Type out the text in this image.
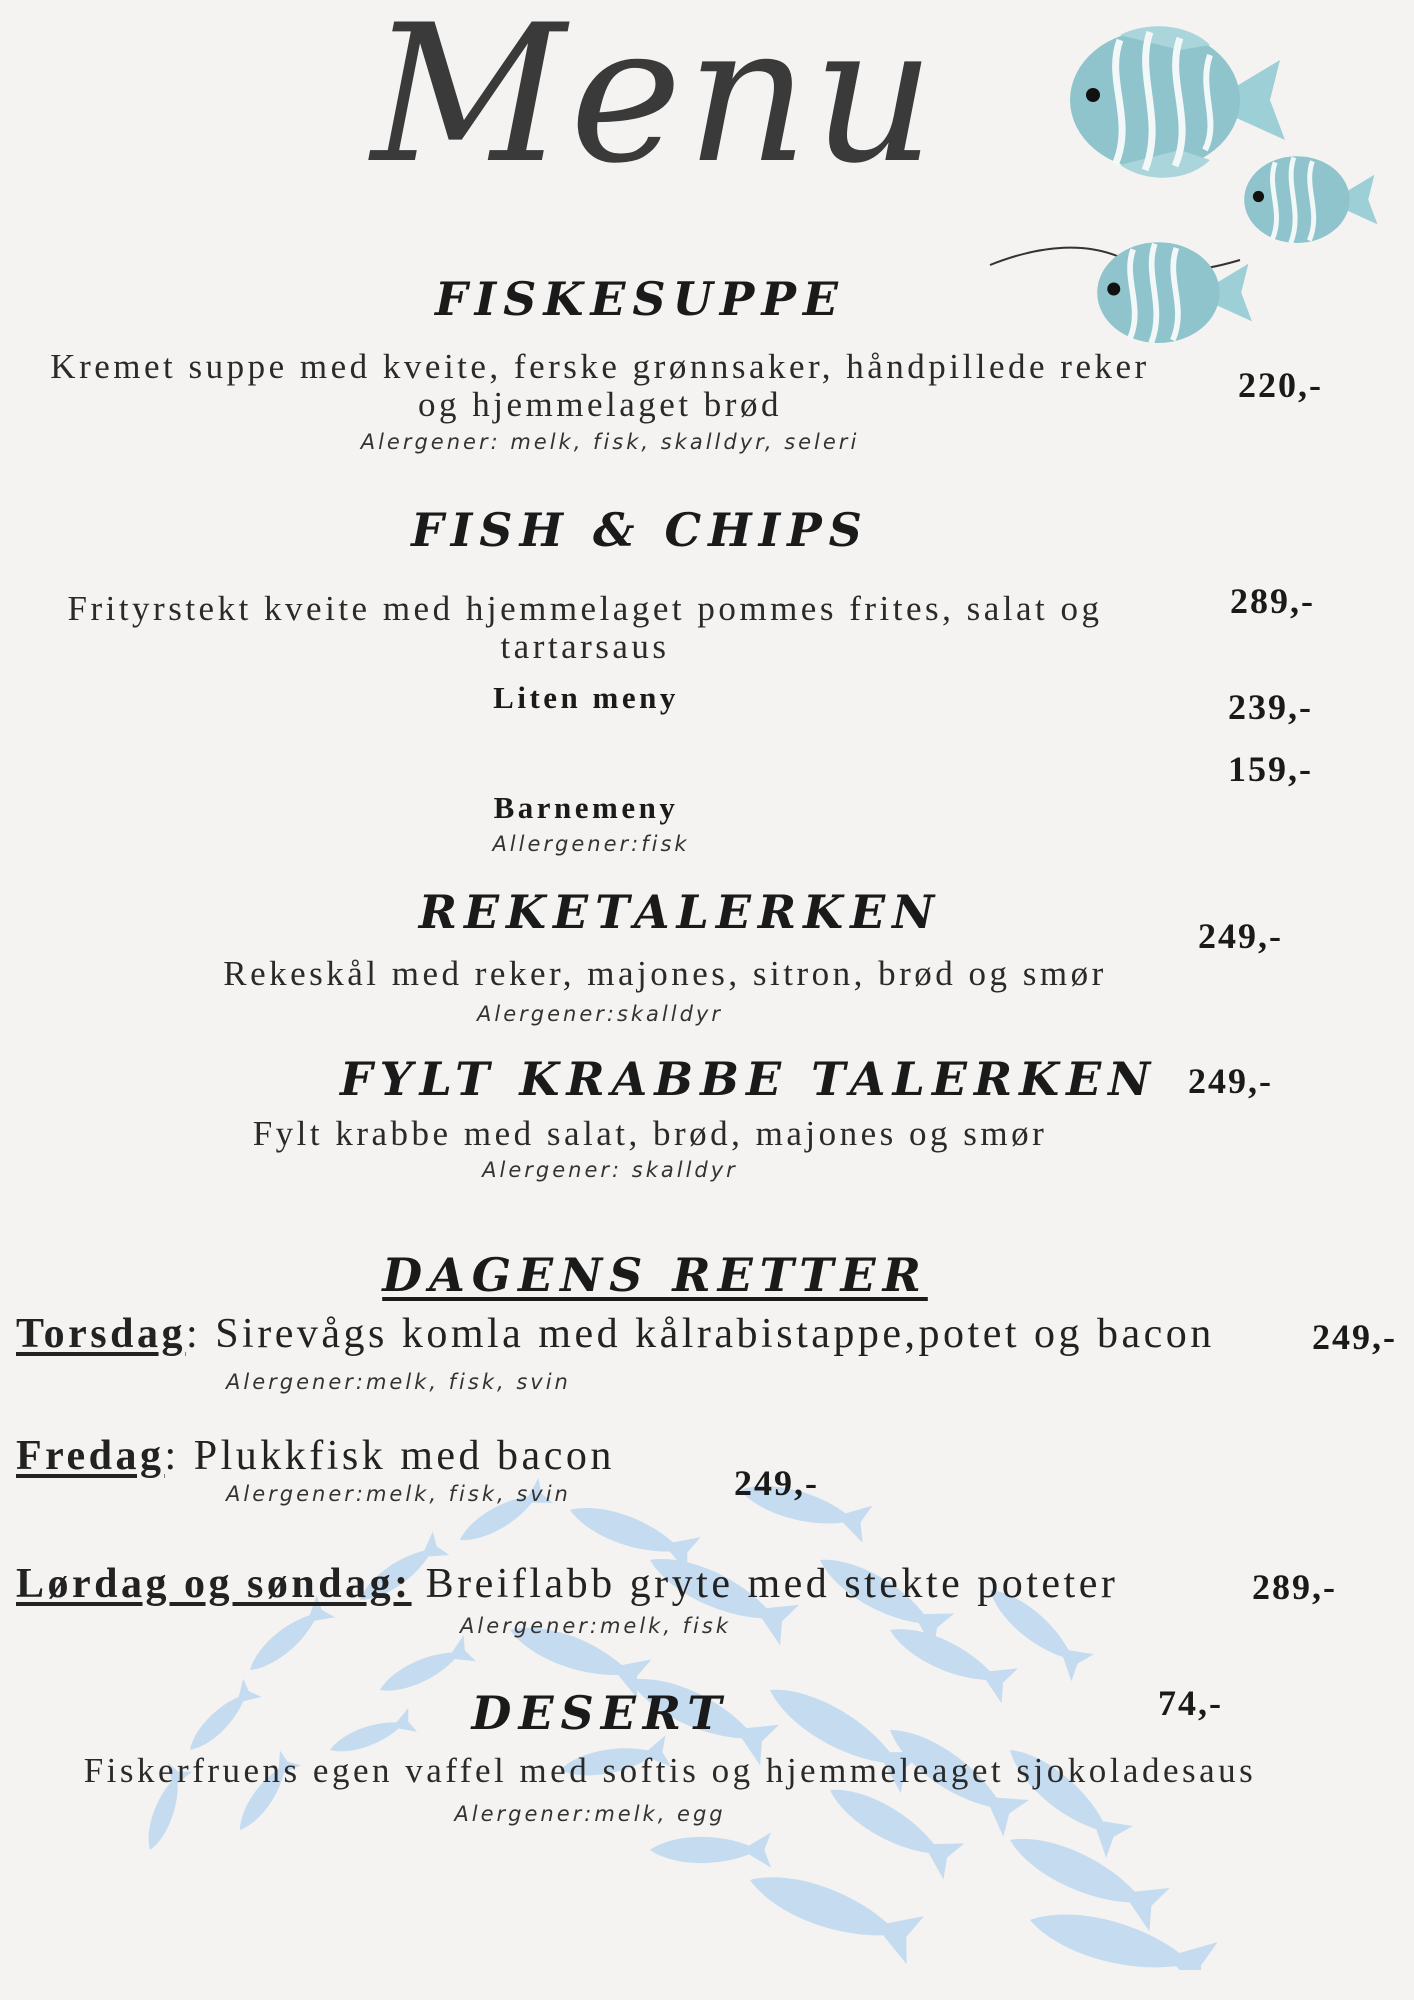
Menu
FISKESUPPE
Kremet suppe med kveite, ferske grønnsaker, håndpillede reker
og hjemmelaget brød
Alergener: melk, fisk, skalldyr, seleri
220,-
FISH & CHIPS
Frityrstekt kveite med hjemmelaget pommes frites, salat og
tartarsaus
289,-
Liten meny	239,-
159,-
Barnemeny
Allergener:fisk
REKETALERKEN
Rekeskål med reker, majones, sitron, brød og smør
Alergener:skalldyr
249,-
FYLT KRABBE TALERKEN
Fylt krabbe med salat, brød, majones og smør
Alergener: skalldyr
249,-
DAGENS RETTER
Torsdag: Sirevågs komla med kålrabistappe,potet og bacon	249,-
Alergener:melk, fisk, svin
Fredag: Plukkfisk med bacon
Alergener:melk, fisk, svin	249,-
Lørdag og søndag: Breiflabb gryte med stekte poteter	289,-
Alergener:melk, fisk
DESERT	74,-
Fiskerfruens egen vaffel med softis og hjemmeleaget sjokoladesaus
Alergener:melk, egg
